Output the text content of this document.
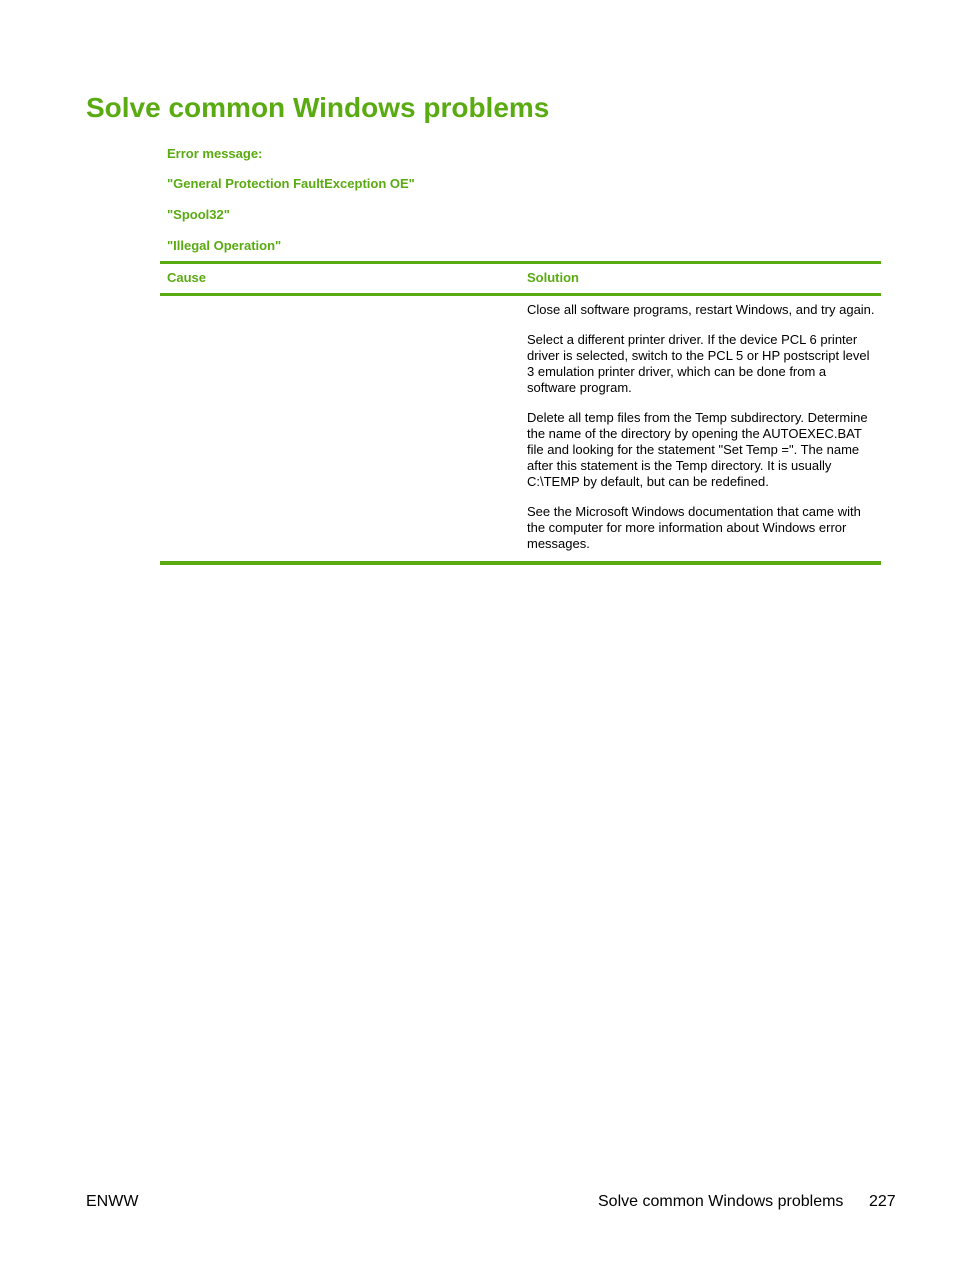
Solve common Windows problems
Error message:
"General Protection FaultException OE"
"Spool32"
"Illegal Operation"
Cause	Solution

Close all software programs, restart Windows, and try again.

Select a different printer driver. If the device PCL 6 printer driver is selected, switch to the PCL 5 or HP postscript level 3 emulation printer driver, which can be done from a software program.

Delete all temp files from the Temp subdirectory. Determine the name of the directory by opening the AUTOEXEC.BAT file and looking for the statement "Set Temp =". The name after this statement is the Temp directory. It is usually C:\TEMP by default, but can be redefined.

See the Microsoft Windows documentation that came with the computer for more information about Windows error messages.

ENWW	Solve common Windows problems 227
